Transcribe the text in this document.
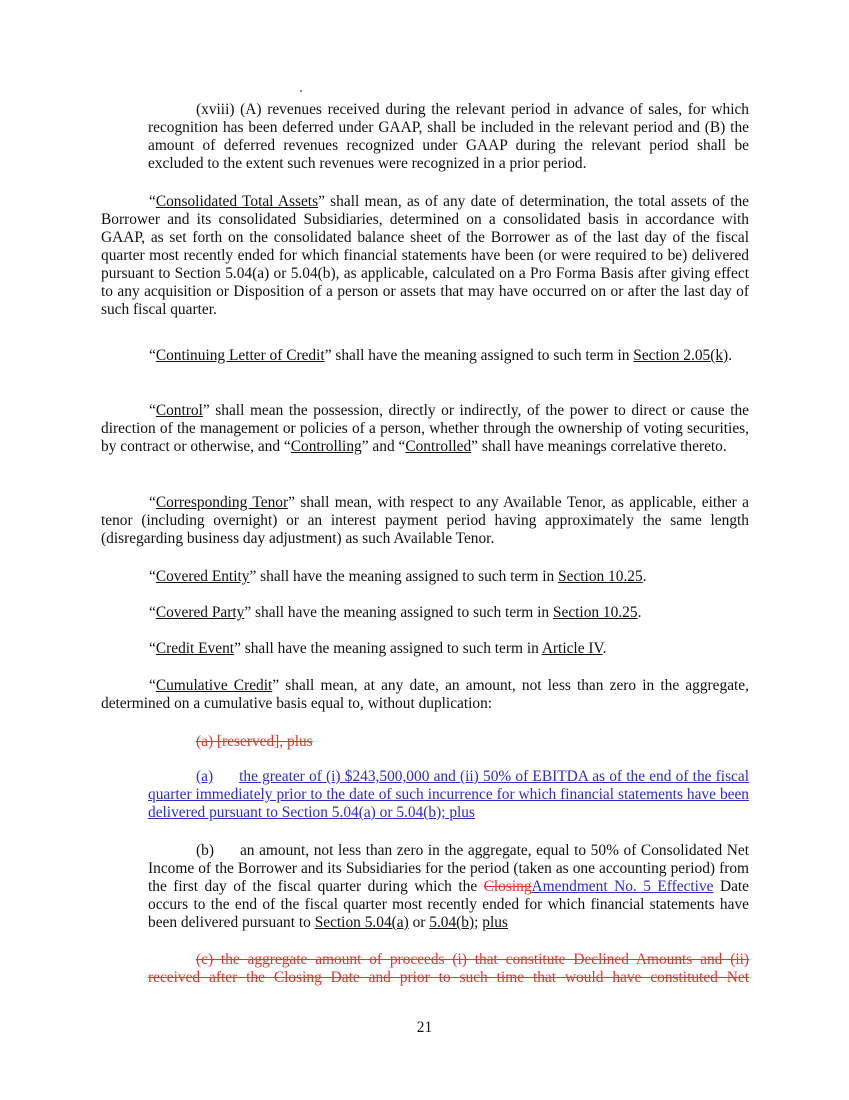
(xviii) (A) revenues received during the relevant period in advance of sales, for which recognition has been deferred under GAAP, shall be included in the relevant period and (B) the amount of deferred revenues recognized under GAAP during the relevant period shall be excluded to the extent such revenues were recognized in a prior period.

“Consolidated Total Assets” shall mean, as of any date of determination, the total assets of the Borrower and its consolidated Subsidiaries, determined on a consolidated basis in accordance with GAAP, as set forth on the consolidated balance sheet of the Borrower as of the last day of the fiscal quarter most recently ended for which financial statements have been (or were required to be) delivered pursuant to Section 5.04(a) or 5.04(b), as applicable, calculated on a Pro Forma Basis after giving effect to any acquisition or Disposition of a person or assets that may have occurred on or after the last day of such fiscal quarter.

“Continuing Letter of Credit” shall have the meaning assigned to such term in Section 2.05(k).

“Control” shall mean the possession, directly or indirectly, of the power to direct or cause the direction of the management or policies of a person, whether through the ownership of voting securities, by contract or otherwise, and “Controlling” and “Controlled” shall have meanings correlative thereto.

“Corresponding Tenor” shall mean, with respect to any Available Tenor, as applicable, either a tenor (including overnight) or an interest payment period having approximately the same length (disregarding business day adjustment) as such Available Tenor.

“Covered Entity” shall have the meaning assigned to such term in Section 10.25.

“Covered Party” shall have the meaning assigned to such term in Section 10.25.

“Credit Event” shall have the meaning assigned to such term in Article IV.

“Cumulative Credit” shall mean, at any date, an amount, not less than zero in the aggregate, determined on a cumulative basis equal to, without duplication:

(a) [reserved], plus

(a) the greater of (i) $243,500,000 and (ii) 50% of EBITDA as of the end of the fiscal quarter immediately prior to the date of such incurrence for which financial statements have been delivered pursuant to Section 5.04(a) or 5.04(b); plus

(b) an amount, not less than zero in the aggregate, equal to 50% of Consolidated Net Income of the Borrower and its Subsidiaries for the period (taken as one accounting period) from the first day of the fiscal quarter during which the ClosingAmendment No. 5 Effective Date occurs to the end of the fiscal quarter most recently ended for which financial statements have been delivered pursuant to Section 5.04(a) or 5.04(b); plus

(c) the aggregate amount of proceeds (i) that constitute Declined Amounts and (ii) received after the Closing Date and prior to such time that would have constituted Net

21
